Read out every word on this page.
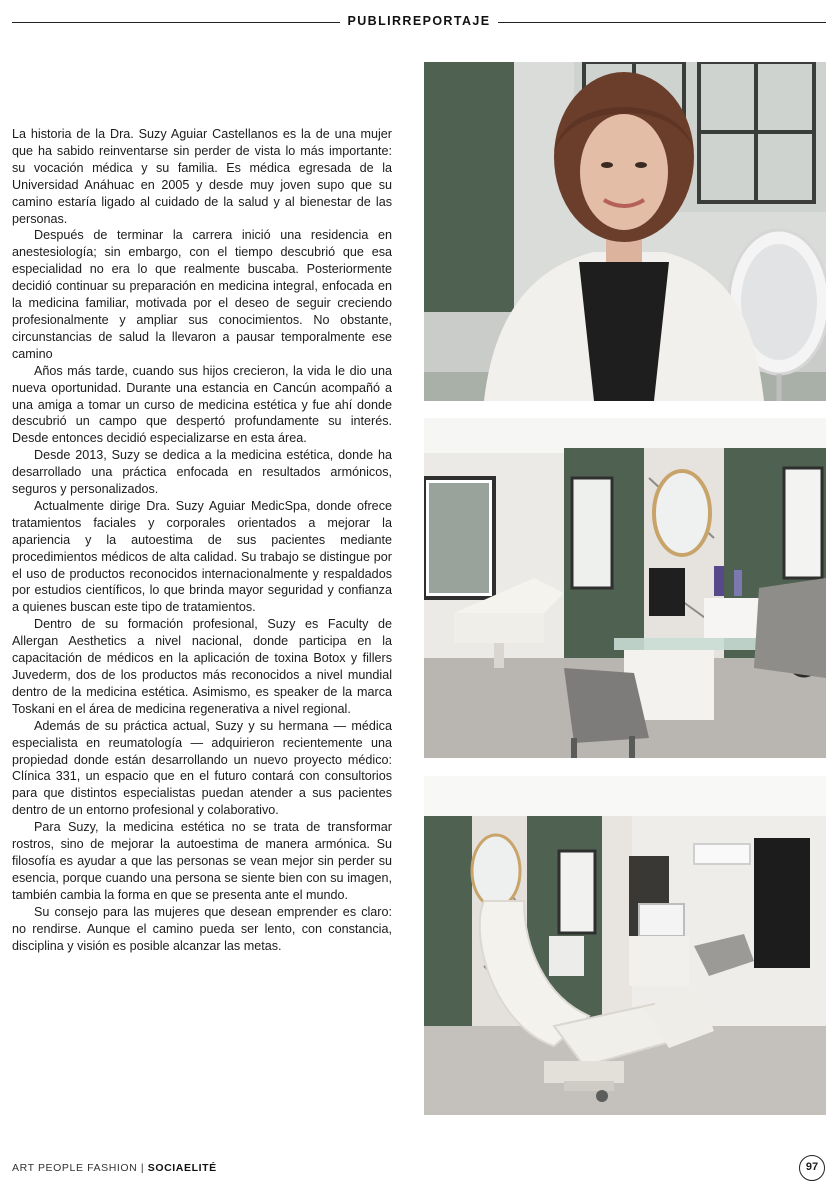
PUBLIRREPORTAJE

La historia de la Dra. Suzy Aguiar Castellanos es la de una mujer que ha sabido reinventarse sin perder de vista lo más importante: su vocación médica y su familia. Es médica egresada de la Universidad Anáhuac en 2005 y desde muy joven supo que su camino estaría ligado al cuidado de la salud y al bienestar de las personas.

Después de terminar la carrera inició una residencia en anestesiología; sin embargo, con el tiempo descubrió que esa especialidad no era lo que realmente buscaba. Posteriormente decidió continuar su preparación en medicina integral, enfocada en la medicina familiar, motivada por el deseo de seguir creciendo profesionalmente y ampliar sus conocimientos. No obstante, circunstancias de salud la llevaron a pausar temporalmente ese camino

Años más tarde, cuando sus hijos crecieron, la vida le dio una nueva oportunidad. Durante una estancia en Cancún acompañó a una amiga a tomar un curso de medicina estética y fue ahí donde descubrió un campo que despertó profundamente su interés. Desde entonces decidió especializarse en esta área.

Desde 2013, Suzy se dedica a la medicina estética, donde ha desarrollado una práctica enfocada en resultados armónicos, seguros y personalizados.

Actualmente dirige Dra. Suzy Aguiar MedicSpa, donde ofrece tratamientos faciales y corporales orientados a mejorar la apariencia y la autoestima de sus pacientes mediante procedimientos médicos de alta calidad. Su trabajo se distingue por el uso de productos reconocidos internacionalmente y respaldados por estudios científicos, lo que brinda mayor seguridad y confianza a quienes buscan este tipo de tratamientos.

Dentro de su formación profesional, Suzy es Faculty de Allergan Aesthetics a nivel nacional, donde participa en la capacitación de médicos en la aplicación de toxina Botox y fillers Juvederm, dos de los productos más reconocidos a nivel mundial dentro de la medicina estética. Asimismo, es speaker de la marca Toskani en el área de medicina regenerativa a nivel regional.

Además de su práctica actual, Suzy y su hermana — médica especialista en reumatología — adquirieron recientemente una propiedad donde están desarrollando un nuevo proyecto médico: Clínica 331, un espacio que en el futuro contará con consultorios para que distintos especialistas puedan atender a sus pacientes dentro de un entorno profesional y colaborativo.

Para Suzy, la medicina estética no se trata de transformar rostros, sino de mejorar la autoestima de manera armónica. Su filosofía es ayudar a que las personas se vean mejor sin perder su esencia, porque cuando una persona se siente bien con su imagen, también cambia la forma en que se presenta ante el mundo.

Su consejo para las mujeres que desean emprender es claro: no rendirse. Aunque el camino pueda ser lento, con constancia, disciplina y visión es posible alcanzar las metas.

ART PEOPLE FASHION | SOCIAELITÉ	97
